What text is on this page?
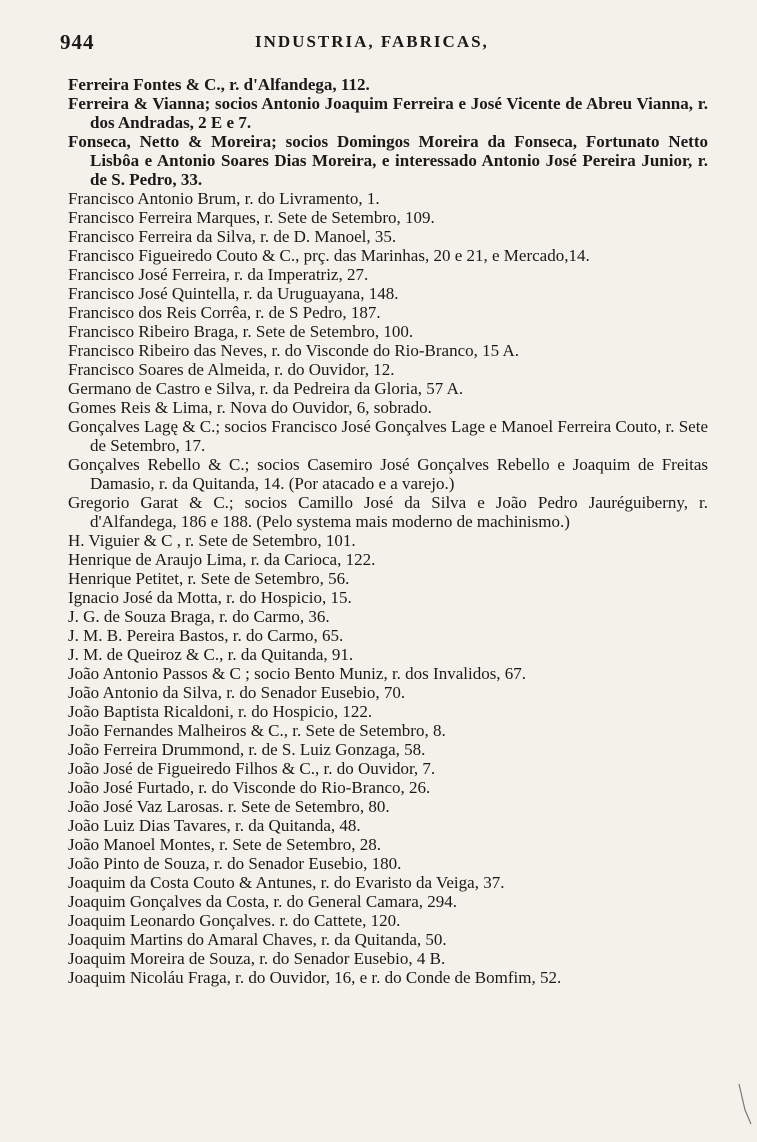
944	INDUSTRIA, FABRICAS,
Ferreira Fontes & C., r. d'Alfandega, 112.
Ferreira & Vianna; socios Antonio Joaquim Ferreira e José Vicente de Abreu Vianna, r. dos Andradas, 2 E e 7.
Fonseca, Netto & Moreira; socios Domingos Moreira da Fonseca, Fortunato Netto Lisbôa e Antonio Soares Dias Moreira, e interessado Antonio José Pereira Junior, r. de S. Pedro, 33.
Francisco Antonio Brum, r. do Livramento, 1.
Francisco Ferreira Marques, r. Sete de Setembro, 109.
Francisco Ferreira da Silva, r. de D. Manoel, 35.
Francisco Figueiredo Couto & C., prç. das Marinhas, 20 e 21, e Mercado,14.
Francisco José Ferreira, r. da Imperatriz, 27.
Francisco José Quintella, r. da Uruguayana, 148.
Francisco dos Reis Corrêa, r. de S Pedro, 187.
Francisco Ribeiro Braga, r. Sete de Setembro, 100.
Francisco Ribeiro das Neves, r. do Visconde do Rio-Branco, 15 A.
Francisco Soares de Almeida, r. do Ouvidor, 12.
Germano de Castro e Silva, r. da Pedreira da Gloria, 57 A.
Gomes Reis & Lima, r. Nova do Ouvidor, 6, sobrado.
Gonçalves Lagę & C.; socios Francisco José Gonçalves Lage e Manoel Ferreira Couto, r. Sete de Setembro, 17.
Gonçalves Rebello & C.; socios Casemiro José Gonçalves Rebello e Joaquim de Freitas Damasio, r. da Quitanda, 14. (Por atacado e a varejo.)
Gregorio Garat & C.; socios Camillo José da Silva e João Pedro Jauréguiberny, r. d'Alfandega, 186 e 188. (Pelo systema mais moderno de machinismo.)
H. Viguier & C , r. Sete de Setembro, 101.
Henrique de Araujo Lima, r. da Carioca, 122.
Henrique Petitet, r. Sete de Setembro, 56.
Ignacio José da Motta, r. do Hospicio, 15.
J. G. de Souza Braga, r. do Carmo, 36.
J. M. B. Pereira Bastos, r. do Carmo, 65.
J. M. de Queiroz & C., r. da Quitanda, 91.
João Antonio Passos & C ; socio Bento Muniz, r. dos Invalidos, 67.
João Antonio da Silva, r. do Senador Eusebio, 70.
João Baptista Ricaldoni, r. do Hospicio, 122.
João Fernandes Malheiros & C., r. Sete de Setembro, 8.
João Ferreira Drummond, r. de S. Luiz Gonzaga, 58.
João José de Figueiredo Filhos & C., r. do Ouvidor, 7.
João José Furtado, r. do Visconde do Rio-Branco, 26.
João José Vaz Larosas. r. Sete de Setembro, 80.
João Luiz Dias Tavares, r. da Quitanda, 48.
João Manoel Montes, r. Sete de Setembro, 28.
João Pinto de Souza, r. do Senador Eusebio, 180.
Joaquim da Costa Couto & Antunes, r. do Evaristo da Veiga, 37.
Joaquim Gonçalves da Costa, r. do General Camara, 294.
Joaquim Leonardo Gonçalves. r. do Cattete, 120.
Joaquim Martins do Amaral Chaves, r. da Quitanda, 50.
Joaquim Moreira de Souza, r. do Senador Eusebio, 4 B.
Joaquim Nicoláu Fraga, r. do Ouvidor, 16, e r. do Conde de Bomfim, 52.
